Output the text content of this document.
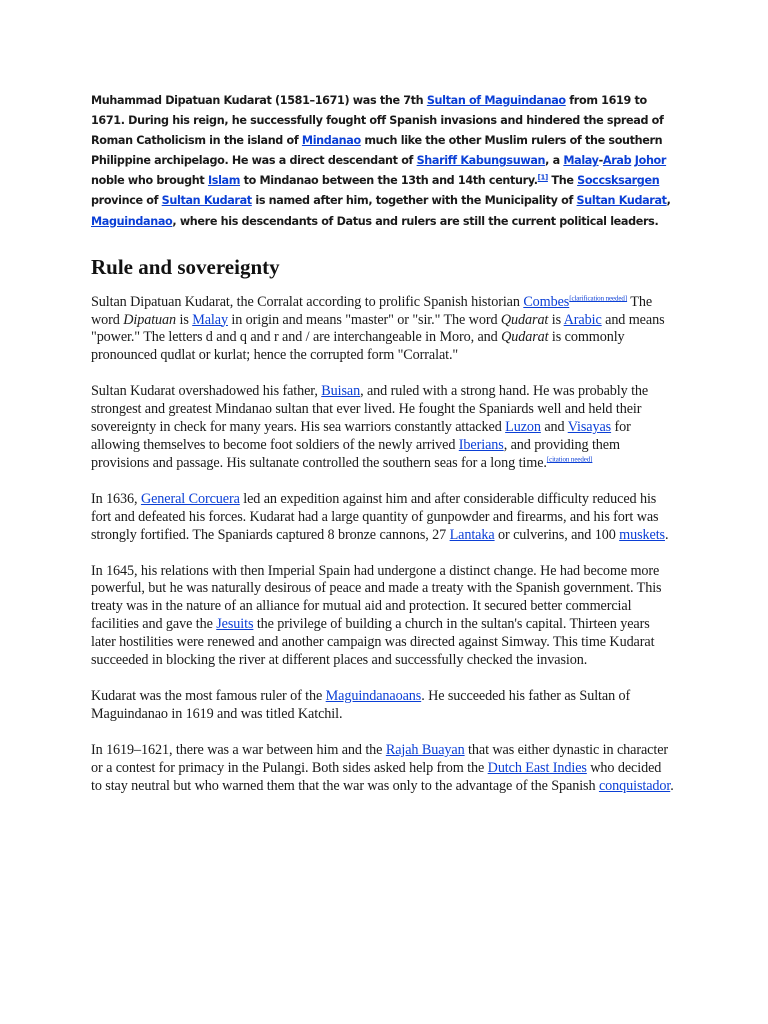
Muhammad Dipatuan Kudarat (1581–1671) was the 7th Sultan of Maguindanao from 1619 to 1671. During his reign, he successfully fought off Spanish invasions and hindered the spread of Roman Catholicism in the island of Mindanao much like the other Muslim rulers of the southern Philippine archipelago. He was a direct descendant of Shariff Kabungsuwan, a Malay-Arab Johor noble who brought Islam to Mindanao between the 13th and 14th century.[1] The Soccsksargen province of Sultan Kudarat is named after him, together with the Municipality of Sultan Kudarat, Maguindanao, where his descendants of Datus and rulers are still the current political leaders.

Rule and sovereignty

Sultan Dipatuan Kudarat, the Corralat according to prolific Spanish historian Combes[clarification needed] The word Dipatuan is Malay in origin and means "master" or "sir." The word Qudarat is Arabic and means "power." The letters d and q and r and / are interchangeable in Moro, and Qudarat is commonly pronounced qudlat or kurlat; hence the corrupted form "Corralat."

Sultan Kudarat overshadowed his father, Buisan, and ruled with a strong hand. He was probably the strongest and greatest Mindanao sultan that ever lived. He fought the Spaniards well and held their sovereignty in check for many years. His sea warriors constantly attacked Luzon and Visayas for allowing themselves to become foot soldiers of the newly arrived Iberians, and providing them provisions and passage. His sultanate controlled the southern seas for a long time.[citation needed]

In 1636, General Corcuera led an expedition against him and after considerable difficulty reduced his fort and defeated his forces. Kudarat had a large quantity of gunpowder and firearms, and his fort was strongly fortified. The Spaniards captured 8 bronze cannons, 27 Lantaka or culverins, and 100 muskets.

In 1645, his relations with then Imperial Spain had undergone a distinct change. He had become more powerful, but he was naturally desirous of peace and made a treaty with the Spanish government. This treaty was in the nature of an alliance for mutual aid and protection. It secured better commercial facilities and gave the Jesuits the privilege of building a church in the sultan's capital. Thirteen years later hostilities were renewed and another campaign was directed against Simway. This time Kudarat succeeded in blocking the river at different places and successfully checked the invasion.

Kudarat was the most famous ruler of the Maguindanaoans. He succeeded his father as Sultan of Maguindanao in 1619 and was titled Katchil.

In 1619–1621, there was a war between him and the Rajah Buayan that was either dynastic in character or a contest for primacy in the Pulangi. Both sides asked help from the Dutch East Indies who decided to stay neutral but who warned them that the war was only to the advantage of the Spanish conquistador.
